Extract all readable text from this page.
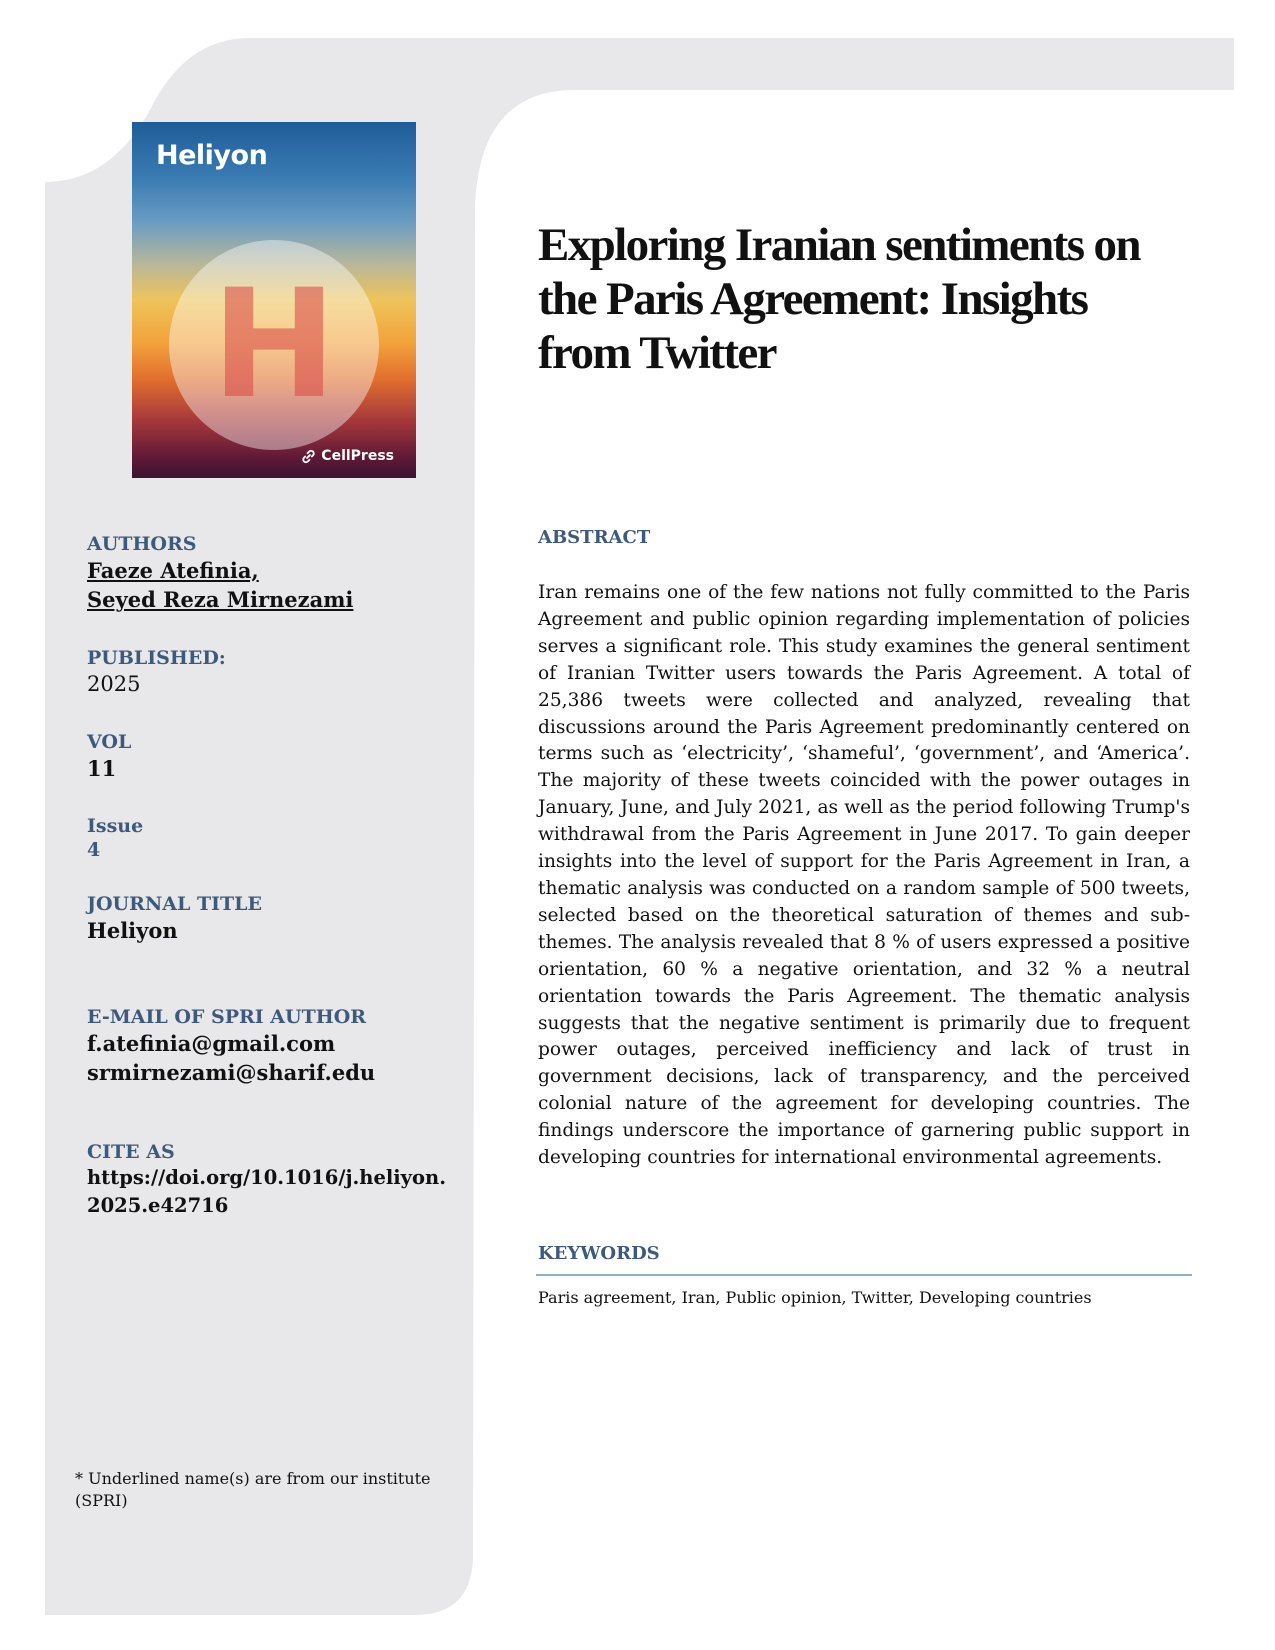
Heliyon
H
CellPress
AUTHORS
Faeze Atefinia,
Seyed Reza Mirnezami
PUBLISHED:
2025
VOL
11
Issue
4
JOURNAL TITLE
Heliyon
E-MAIL OF SPRI AUTHOR
f.atefinia@gmail.com
srmirnezami@sharif.edu
CITE AS
https://doi.org/10.1016/j.heliyon.
2025.e42716
* Underlined name(s) are from our institute (SPRI)
Exploring Iranian sentiments on the Paris Agreement: Insights from Twitter
ABSTRACT
Iran remains one of the few nations not fully committed to the Paris Agreement and public opinion regarding implementation of policies serves a significant role. This study examines the general sentiment of Iranian Twitter users towards the Paris Agreement. A total of 25,386 tweets were collected and analyzed, revealing that discussions around the Paris Agreement predominantly centered on terms such as ‘electricity’, ‘shameful’, ‘government’, and ‘America’. The majority of these tweets coincided with the power outages in January, June, and July 2021, as well as the period following Trump's withdrawal from the Paris Agreement in June 2017. To gain deeper insights into the level of support for the Paris Agreement in Iran, a thematic analysis was conducted on a random sample of 500 tweets, selected based on the theoretical saturation of themes and sub-themes. The analysis revealed that 8 % of users expressed a positive orientation, 60 % a negative orientation, and 32 % a neutral orientation towards the Paris Agreement. The thematic analysis suggests that the negative sentiment is primarily due to frequent power outages, perceived inefficiency and lack of trust in government decisions, lack of transparency, and the perceived colonial nature of the agreement for developing countries. The findings underscore the importance of garnering public support in developing countries for international environmental agreements.
KEYWORDS
Paris agreement, Iran, Public opinion, Twitter, Developing countries
